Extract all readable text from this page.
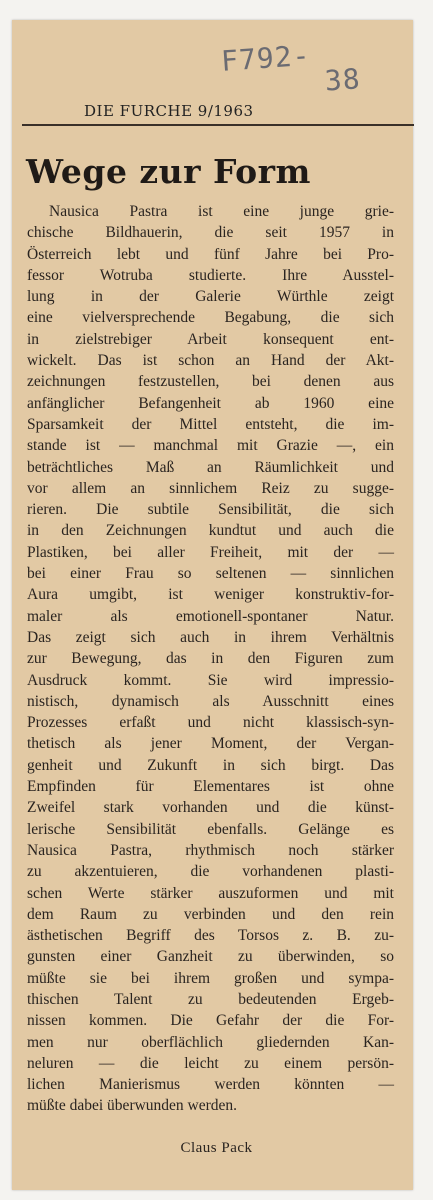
F792-
38
DIE FURCHE 9/1963
Wege zur Form
Nausica Pastra ist eine junge grie-
chische Bildhauerin, die seit 1957 in
Österreich lebt und fünf Jahre bei Pro-
fessor Wotruba studierte. Ihre Ausstel-
lung in der Galerie Würthle zeigt
eine vielversprechende Begabung, die sich
in zielstrebiger Arbeit konsequent ent-
wickelt. Das ist schon an Hand der Akt-
zeichnungen festzustellen, bei denen aus
anfänglicher Befangenheit ab 1960 eine
Sparsamkeit der Mittel entsteht, die im-
stande ist — manchmal mit Grazie —, ein
beträchtliches Maß an Räumlichkeit und
vor allem an sinnlichem Reiz zu sugge-
rieren. Die subtile Sensibilität, die sich
in den Zeichnungen kundtut und auch die
Plastiken, bei aller Freiheit, mit der —
bei einer Frau so seltenen — sinnlichen
Aura umgibt, ist weniger konstruktiv-for-
maler als emotionell-spontaner Natur.
Das zeigt sich auch in ihrem Verhältnis
zur Bewegung, das in den Figuren zum
Ausdruck kommt. Sie wird impressio-
nistisch, dynamisch als Ausschnitt eines
Prozesses erfaßt und nicht klassisch-syn-
thetisch als jener Moment, der Vergan-
genheit und Zukunft in sich birgt. Das
Empfinden für Elementares ist ohne
Zweifel stark vorhanden und die künst-
lerische Sensibilität ebenfalls. Gelänge es
Nausica Pastra, rhythmisch noch stärker
zu akzentuieren, die vorhandenen plasti-
schen Werte stärker auszuformen und mit
dem Raum zu verbinden und den rein
ästhetischen Begriff des Torsos z. B. zu-
gunsten einer Ganzheit zu überwinden, so
müßte sie bei ihrem großen und sympa-
thischen Talent zu bedeutenden Ergeb-
nissen kommen. Die Gefahr der die For-
men nur oberflächlich gliedernden Kan-
neluren — die leicht zu einem persön-
lichen Manierismus werden könnten —
müßte dabei überwunden werden.
Claus Pack
